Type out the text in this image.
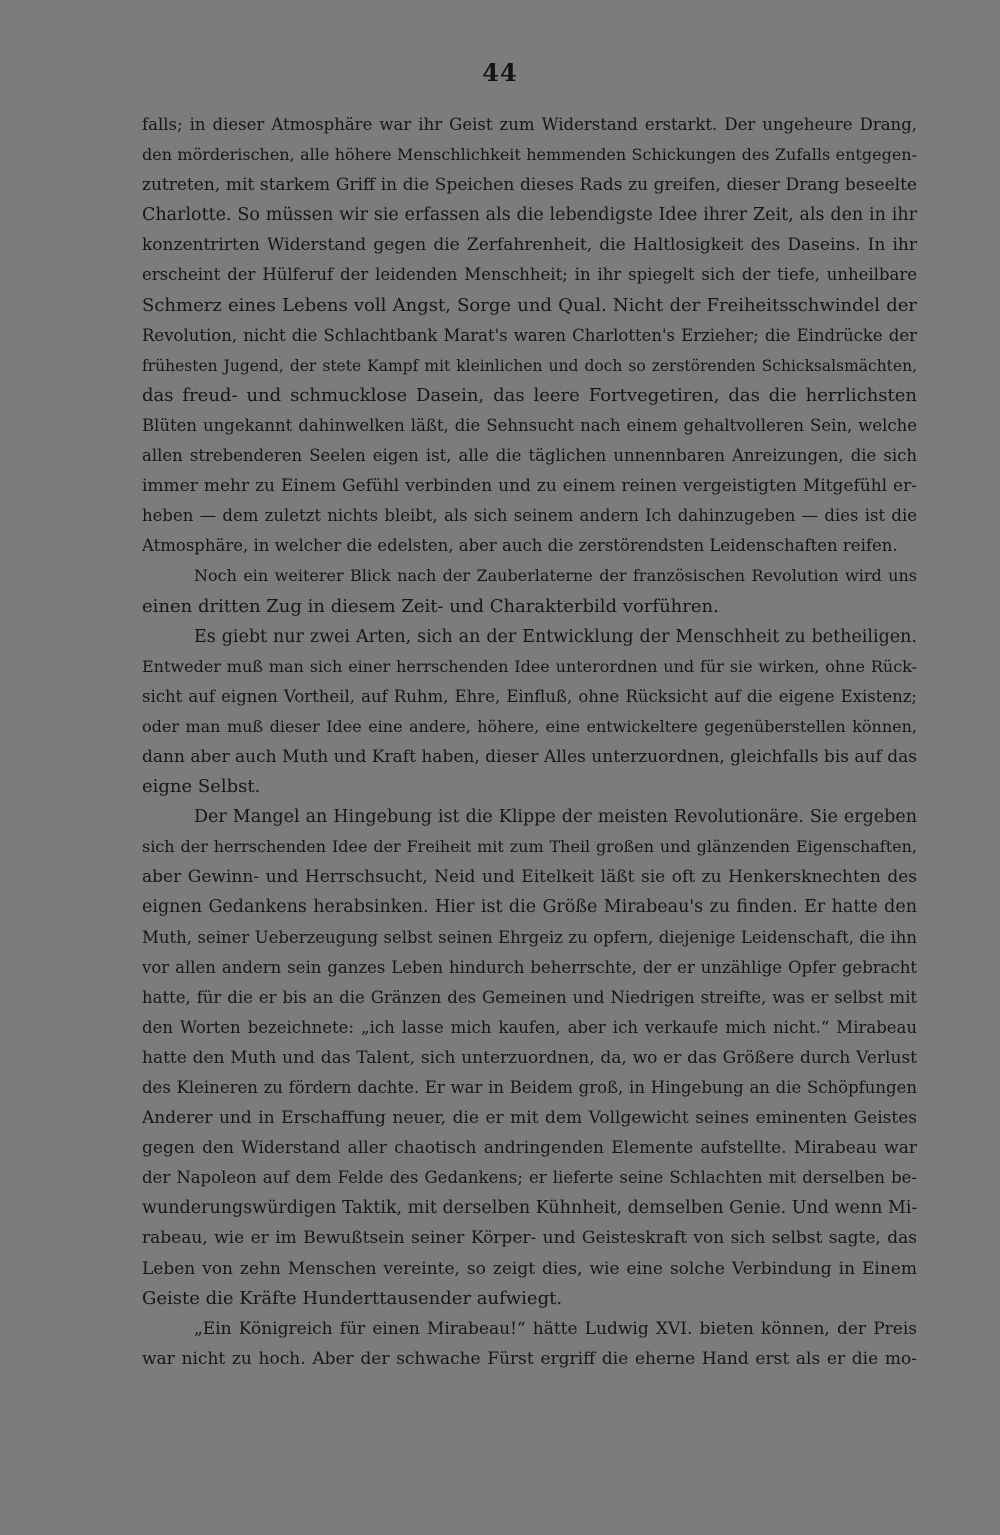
44
falls; in dieser Atmosphäre war ihr Geist zum Widerstand erstarkt. Der ungeheure Drang,
den mörderischen, alle höhere Menschlichkeit hemmenden Schickungen des Zufalls entgegen-
zutreten, mit starkem Griff in die Speichen dieses Rads zu greifen, dieser Drang beseelte
Charlotte. So müssen wir sie erfassen als die lebendigste Idee ihrer Zeit, als den in ihr
konzentrirten Widerstand gegen die Zerfahrenheit, die Haltlosigkeit des Daseins. In ihr
erscheint der Hülferuf der leidenden Menschheit; in ihr spiegelt sich der tiefe, unheilbare
Schmerz eines Lebens voll Angst, Sorge und Qual. Nicht der Freiheitsschwindel der
Revolution, nicht die Schlachtbank Marat's waren Charlotten's Erzieher; die Eindrücke der
frühesten Jugend, der stete Kampf mit kleinlichen und doch so zerstörenden Schicksalsmächten,
das freud- und schmucklose Dasein, das leere Fortvegetiren, das die herrlichsten
Blüten ungekannt dahinwelken läßt, die Sehnsucht nach einem gehaltvolleren Sein, welche
allen strebenderen Seelen eigen ist, alle die täglichen unnennbaren Anreizungen, die sich
immer mehr zu Einem Gefühl verbinden und zu einem reinen vergeistigten Mitgefühl er-
heben — dem zuletzt nichts bleibt, als sich seinem andern Ich dahinzugeben — dies ist die
Atmosphäre, in welcher die edelsten, aber auch die zerstörendsten Leidenschaften reifen.
Noch ein weiterer Blick nach der Zauberlaterne der französischen Revolution wird uns
einen dritten Zug in diesem Zeit- und Charakterbild vorführen.
Es giebt nur zwei Arten, sich an der Entwicklung der Menschheit zu betheiligen.
Entweder muß man sich einer herrschenden Idee unterordnen und für sie wirken, ohne Rück-
sicht auf eignen Vortheil, auf Ruhm, Ehre, Einfluß, ohne Rücksicht auf die eigene Existenz;
oder man muß dieser Idee eine andere, höhere, eine entwickeltere gegenüberstellen können,
dann aber auch Muth und Kraft haben, dieser Alles unterzuordnen, gleichfalls bis auf das
eigne Selbst.
Der Mangel an Hingebung ist die Klippe der meisten Revolutionäre. Sie ergeben
sich der herrschenden Idee der Freiheit mit zum Theil großen und glänzenden Eigenschaften,
aber Gewinn- und Herrschsucht, Neid und Eitelkeit läßt sie oft zu Henkersknechten des
eignen Gedankens herabsinken. Hier ist die Größe Mirabeau's zu finden. Er hatte den
Muth, seiner Ueberzeugung selbst seinen Ehrgeiz zu opfern, diejenige Leidenschaft, die ihn
vor allen andern sein ganzes Leben hindurch beherrschte, der er unzählige Opfer gebracht
hatte, für die er bis an die Gränzen des Gemeinen und Niedrigen streifte, was er selbst mit
den Worten bezeichnete: „ich lasse mich kaufen, aber ich verkaufe mich nicht.“ Mirabeau
hatte den Muth und das Talent, sich unterzuordnen, da, wo er das Größere durch Verlust
des Kleineren zu fördern dachte. Er war in Beidem groß, in Hingebung an die Schöpfungen
Anderer und in Erschaffung neuer, die er mit dem Vollgewicht seines eminenten Geistes
gegen den Widerstand aller chaotisch andringenden Elemente aufstellte. Mirabeau war
der Napoleon auf dem Felde des Gedankens; er lieferte seine Schlachten mit derselben be-
wunderungswürdigen Taktik, mit derselben Kühnheit, demselben Genie. Und wenn Mi-
rabeau, wie er im Bewußtsein seiner Körper- und Geisteskraft von sich selbst sagte, das
Leben von zehn Menschen vereinte, so zeigt dies, wie eine solche Verbindung in Einem
Geiste die Kräfte Hunderttausender aufwiegt.
„Ein Königreich für einen Mirabeau!“ hätte Ludwig XVI. bieten können, der Preis
war nicht zu hoch. Aber der schwache Fürst ergriff die eherne Hand erst als er die mo-
